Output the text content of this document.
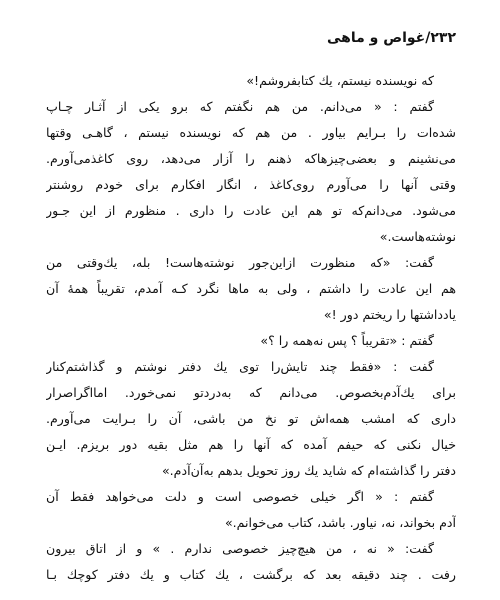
۲۳۲/غواص و ماهی
که نویسنده نیستم، یك کتابفروشم!»
گفتم : « می‌دانم. من هم نگفتم که برو یکی از آثـار چـاپ
شده‌ات را بـرایم بیاور . من هم که نویسنده نیستم ، گاهـی وقتها
می‌نشینم و بعضی‌چیزها‌که ذهنم را آزار می‌دهد، روی کاغذمی‌آورم.
وقتی آنها را می‌آورم روی‌کاغذ ، انگار افکارم برای خودم روشنتر
می‌شود. می‌دانم‌که تو هم این عادت را داری . منظورم از این جـور
نوشته‌هاست.»
گفت: «که منظورت از‌این‌جور نوشته‌هاست! بله، یك‌وقتی من
هم این عادت را داشتم ، ولی به ماها نگرد کـه آمدم، تقریباً همهٔ آن
یادداشتها را ریختم دور !»
گفتم : «تقریباً ؟ پس نه‌همه را ؟»
گفت : «فقط چند تایش‌را توی یك دفتر نوشتم و گذاشتم‌کنار
برای یك‌آدم‌بخصوص. می‌دانم که به‌دردتو نمی‌خورد. اما‌اگراصرار
داری که امشب همه‌اش تو نخ من باشی، آن را بـرایت می‌آورم.
خیال نکنی که حیفم آمده که آنها را هم مثل بقیه دور بریزم. ایـن
دفتر را گذاشته‌ام که شاید یك روز تحویل بدهم به‌آن‌آدم.»
گفتم : « اگر خیلی خصوصی است و دلت می‌خواهد فقط آن
آدم بخواند، نه، نیاور. باشد، کتاب می‌خوانم.»
گفت: « نه ، من هیچ‌چیز خصوصی ندارم . » و از اتاق بیرون
رفت . چند دقیقه بعد که برگشت ، یك کتاب و یك دفتر کوچك بـا
